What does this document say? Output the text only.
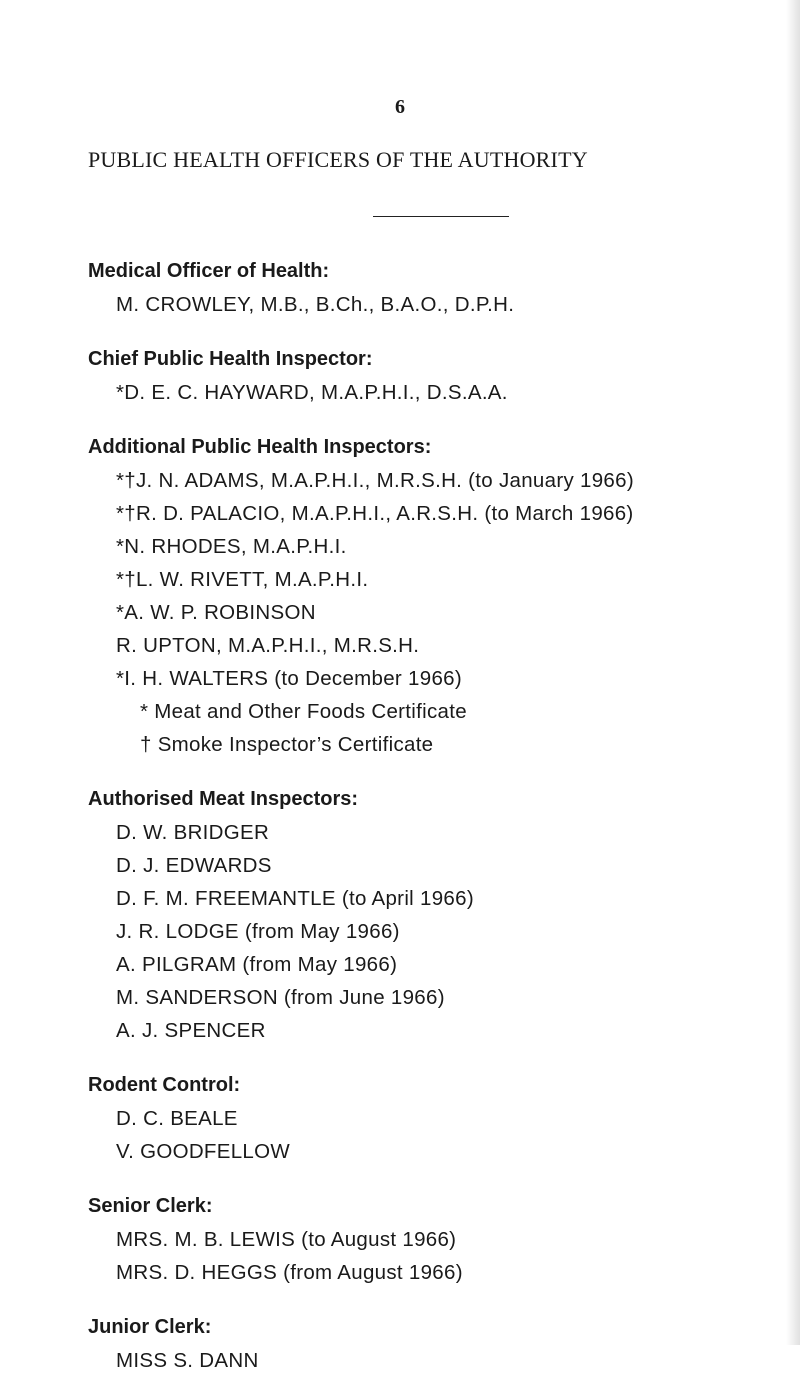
6
PUBLIC HEALTH OFFICERS OF THE AUTHORITY
Medical Officer of Health:
M. CROWLEY, M.B., B.Ch., B.A.O., D.P.H.
Chief Public Health Inspector:
*D. E. C. HAYWARD, M.A.P.H.I., D.S.A.A.
Additional Public Health Inspectors:
*†J. N. ADAMS, M.A.P.H.I., M.R.S.H. (to January 1966)
*†R. D. PALACIO, M.A.P.H.I., A.R.S.H. (to March 1966)
*N. RHODES, M.A.P.H.I.
*†L. W. RIVETT, M.A.P.H.I.
*A. W. P. ROBINSON
R. UPTON, M.A.P.H.I., M.R.S.H.
*I. H. WALTERS (to December 1966)
* Meat and Other Foods Certificate
† Smoke Inspector’s Certificate
Authorised Meat Inspectors:
D. W. BRIDGER
D. J. EDWARDS
D. F. M. FREEMANTLE (to April 1966)
J. R. LODGE (from May 1966)
A. PILGRAM (from May 1966)
M. SANDERSON (from June 1966)
A. J. SPENCER
Rodent Control:
D. C. BEALE
V. GOODFELLOW
Senior Clerk:
MRS. M. B. LEWIS (to August 1966)
MRS. D. HEGGS (from August 1966)
Junior Clerk:
MISS S. DANN
